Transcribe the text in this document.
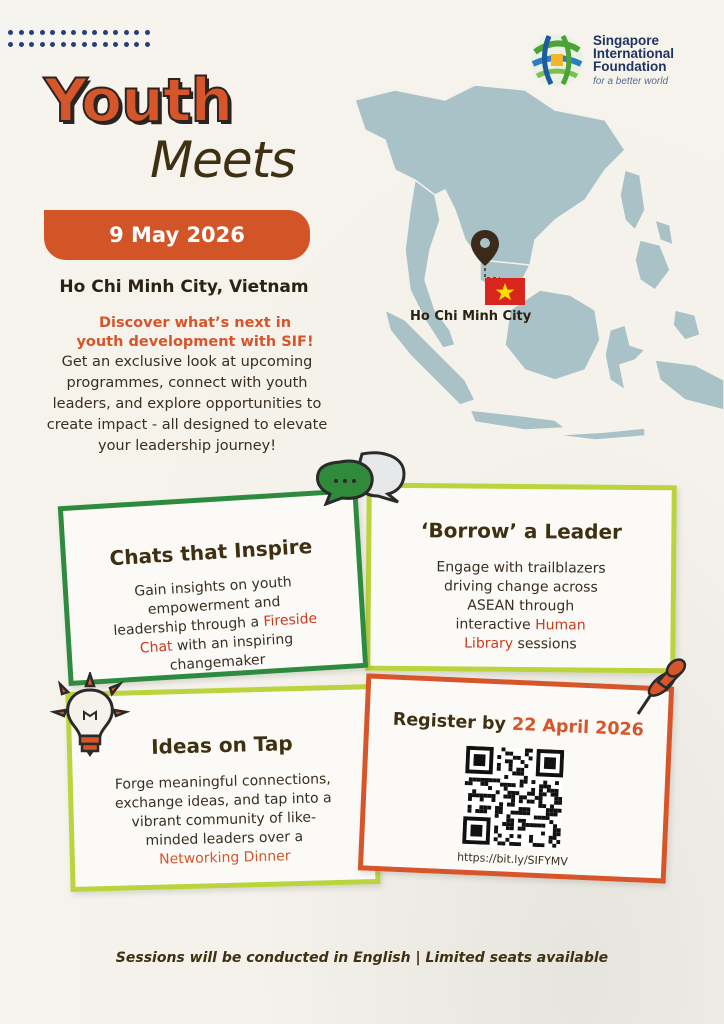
Singapore
International
Foundation
for a better world
Youth
Meets
9 May 2026
Ho Chi Minh City, Vietnam
Discover what’s next in
youth development with SIF!
Get an exclusive look at upcoming programmes, connect with youth leaders, and explore opportunities to create impact - all designed to elevate your leadership journey!
Ho Chi Minh City
‘Borrow’ a Leader
Engage with trailblazers driving change across ASEAN through interactive Human Library sessions
Chats that Inspire
Gain insights on youth empowerment and leadership through a Fireside Chat with an inspiring changemaker
Ideas on Tap
Forge meaningful connections, exchange ideas, and tap into a vibrant community of like-minded leaders over a Networking Dinner
Register by 22 April 2026
https://bit.ly/SIFYMV
Sessions will be conducted in English | Limited seats available
